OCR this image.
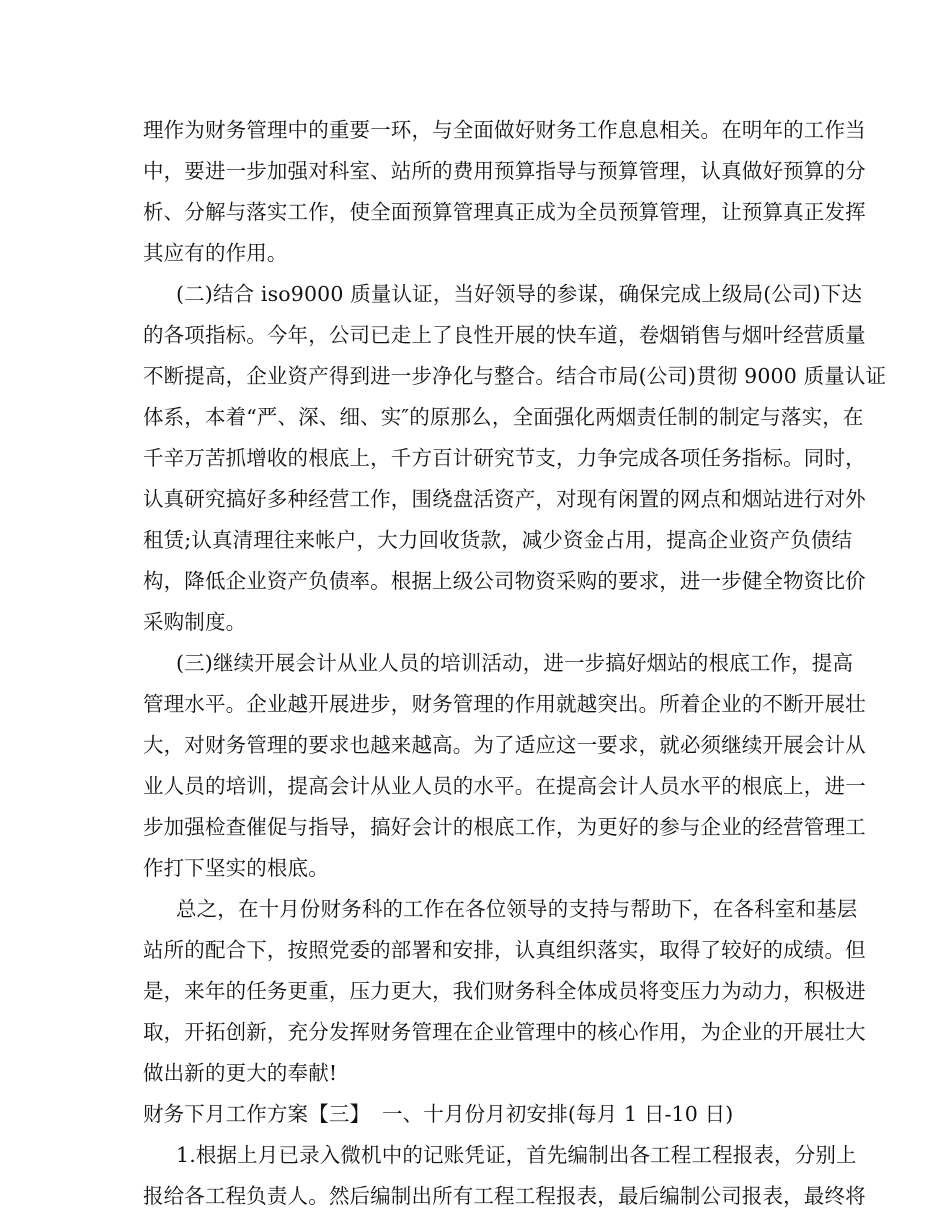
理作为财务管理中的重要一环，与全面做好财务工作息息相关。在明年的工作当
中，要进一步加强对科室、站所的费用预算指导与预算管理，认真做好预算的分
析、分解与落实工作，使全面预算管理真正成为全员预算管理，让预算真正发挥
其应有的作用。
(二)结合 iso9000 质量认证，当好领导的参谋，确保完成上级局(公司)下达
的各项指标。今年，公司已走上了良性开展的快车道，卷烟销售与烟叶经营质量
不断提高，企业资产得到进一步净化与整合。结合市局(公司)贯彻 9000 质量认证
体系，本着“严、深、细、实″的原那么，全面强化两烟责任制的制定与落实，在
千辛万苦抓增收的根底上，千方百计研究节支，力争完成各项任务指标。同时，
认真研究搞好多种经营工作，围绕盘活资产，对现有闲置的网点和烟站进行对外
租赁;认真清理往来帐户，大力回收货款，减少资金占用，提高企业资产负债结
构，降低企业资产负债率。根据上级公司物资采购的要求，进一步健全物资比价
采购制度。
(三)继续开展会计从业人员的培训活动，进一步搞好烟站的根底工作，提高
管理水平。企业越开展进步，财务管理的作用就越突出。所着企业的不断开展壮
大，对财务管理的要求也越来越高。为了适应这一要求，就必须继续开展会计从
业人员的培训，提高会计从业人员的水平。在提高会计人员水平的根底上，进一
步加强检查催促与指导，搞好会计的根底工作，为更好的参与企业的经营管理工
作打下坚实的根底。
总之，在十月份财务科的工作在各位领导的支持与帮助下，在各科室和基层
站所的配合下，按照党委的部署和安排，认真组织落实，取得了较好的成绩。但
是，来年的任务更重，压力更大，我们财务科全体成员将变压力为动力，积极进
取，开拓创新，充分发挥财务管理在企业管理中的核心作用，为企业的开展壮大
做出新的更大的奉献!
财务下月工作方案【三】 一、十月份月初安排(每月 1 日-10 日)
1.根据上月已录入微机中的记账凭证，首先编制出各工程工程报表，分别上
报给各工程负责人。然后编制出所有工程工程报表，最后编制公司报表，最终将
